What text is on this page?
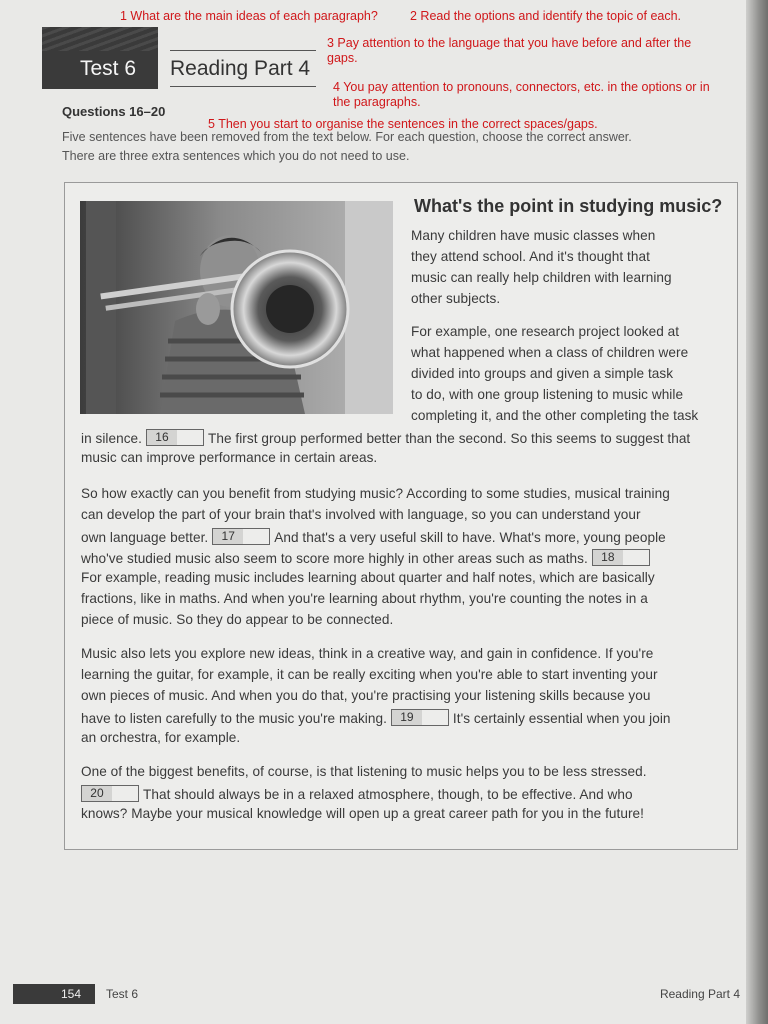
1 What are the main ideas of each paragraph?	2 Read the options and identify the topic of each.
3 Pay attention to the language that you have before and after the
gaps.
4 You pay attention to pronouns, connectors, etc. in the options or in
the paragraphs.
5 Then you start to organise the sentences in the correct spaces/gaps.
Test 6 Reading Part 4
Questions 16–20
Five sentences have been removed from the text below. For each question, choose the correct answer.
There are three extra sentences which you do not need to use.
What's the point in studying music?
Many children have music classes when
they attend school. And it's thought that
music can really help children with learning
other subjects.
For example, one research project looked at
what happened when a class of children were
divided into groups and given a simple task
to do, with one group listening to music while
completing it, and the other completing the task
in silence.	16	The first group performed better than the second. So this seems to suggest that
music can improve performance in certain areas.
So how exactly can you benefit from studying music? According to some studies, musical training
can develop the part of your brain that's involved with language, so you can understand your
own language better.	17	And that's a very useful skill to have. What's more, young people
who've studied music also seem to score more highly in other areas such as maths.	18
For example, reading music includes learning about quarter and half notes, which are basically
fractions, like in maths. And when you're learning about rhythm, you're counting the notes in a
piece of music. So they do appear to be connected.
Music also lets you explore new ideas, think in a creative way, and gain in confidence. If you're
learning the guitar, for example, it can be really exciting when you're able to start inventing your
own pieces of music. And when you do that, you're practising your listening skills because you
have to listen carefully to the music you're making.	19	It's certainly essential when you join
an orchestra, for example.
One of the biggest benefits, of course, is that listening to music helps you to be less stressed.
20	That should always be in a relaxed atmosphere, though, to be effective. And who
knows? Maybe your musical knowledge will open up a great career path for you in the future!
154	Test 6	Reading Part 4
